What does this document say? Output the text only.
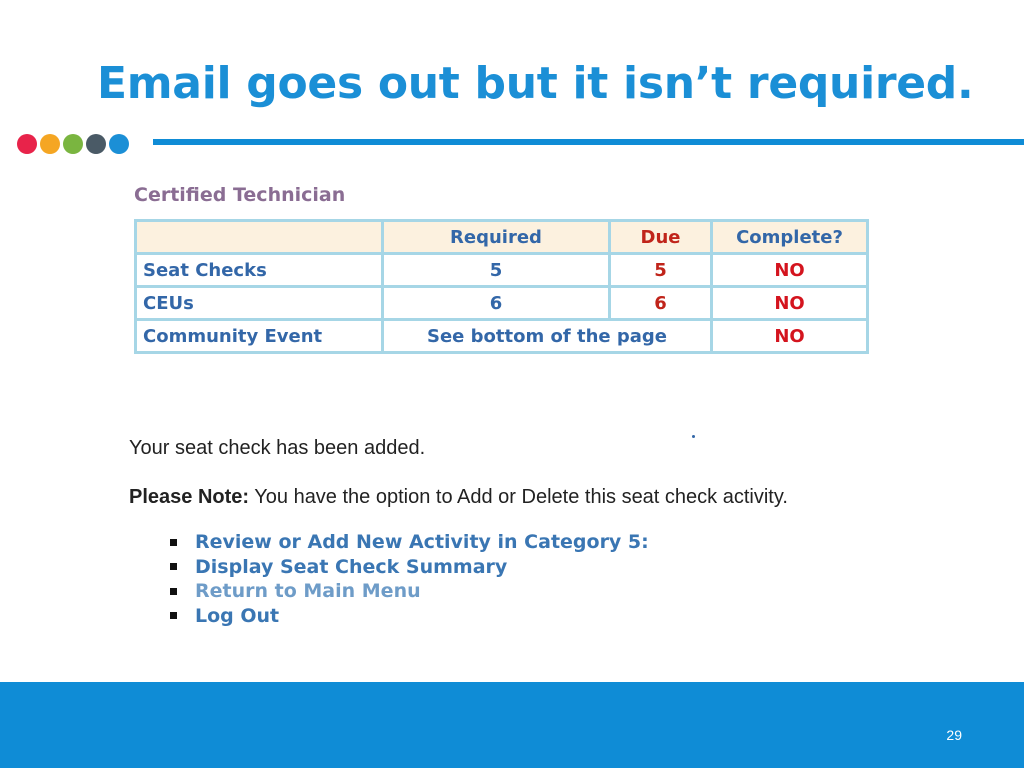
Email goes out but it isn’t required.
Certified Technician
	Required	Due	Complete?
Seat Checks	5	5	NO
CEUs	6	6	NO
Community Event	See bottom of the page		NO
Your seat check has been added.
Please Note: You have the option to Add or Delete this seat check activity.
Review or Add New Activity in Category 5:
Display Seat Check Summary
Return to Main Menu
Log Out
29
